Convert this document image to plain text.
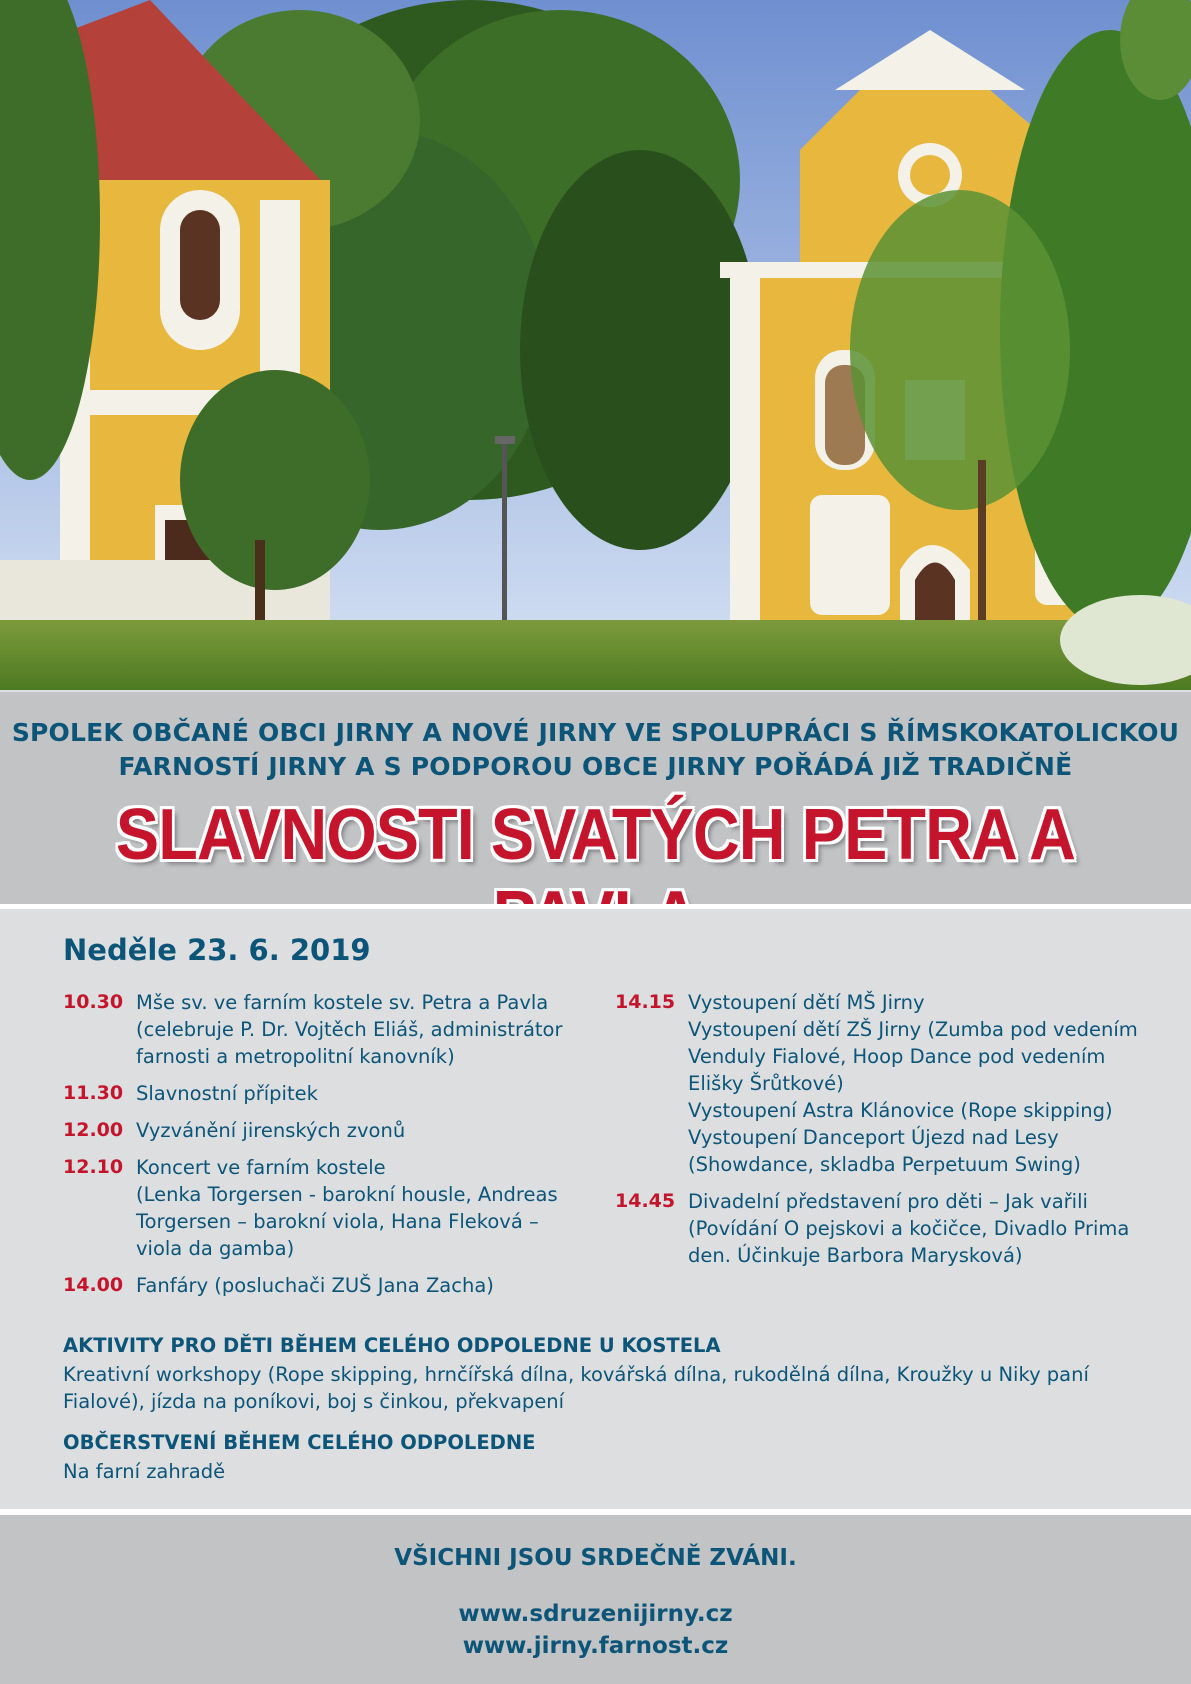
SPOLEK OBČANÉ OBCI JIRNY A NOVÉ JIRNY VE SPOLUPRÁCI S ŘÍMSKOKATOLICKOU
FARNOSTÍ JIRNY A S PODPOROU OBCE JIRNY POŘÁDÁ JIŽ TRADIČNĚ
SLAVNOSTI SVATÝCH PETRA A
Neděle 23. 6. 2019
10.30 Mše sv. ve farním kostele sv. Petra a Pavla
(celebruje P. Dr. Vojtěch Eliáš, administrátor
farnosti a metropolitní kanovník)
11.30 Slavnostní přípitek
12.00 Vyzvánění jirenských zvonů
12.10 Koncert ve farním kostele
(Lenka Torgersen - barokní housle, Andreas
Torgersen – barokní viola, Hana Fleková –
viola da gamba)
14.00 Fanfáry (posluchači ZUŠ Jana Zacha)
14.15 Vystoupení dětí MŠ Jirny
Vystoupení dětí ZŠ Jirny (Zumba pod vedením
Venduly Fialové, Hoop Dance pod vedením
Elišky Šrůtkové)
Vystoupení Astra Klánovice (Rope skipping)
Vystoupení Danceport Újezd nad Lesy
(Showdance, skladba Perpetuum Swing)
14.45 Divadelní představení pro děti – Jak vařili
(Povídání O pejskovi a kočičce, Divadlo Prima
den. Účinkuje Barbora Marysková)
AKTIVITY PRO DĚTI BĚHEM CELÉHO ODPOLEDNE U KOSTELA
Kreativní workshopy (Rope skipping, hrnčířská dílna, kovářská dílna, rukodělná dílna, Kroužky u Niky paní
Fialové), jízda na poníkovi, boj s činkou, překvapení
OBČERSTVENÍ BĚHEM CELÉHO ODPOLEDNE
Na farní zahradě
VŠICHNI JSOU SRDEČNĚ ZVÁNI.
www.sdruzenijirny.cz
www.jirny.farnost.cz
